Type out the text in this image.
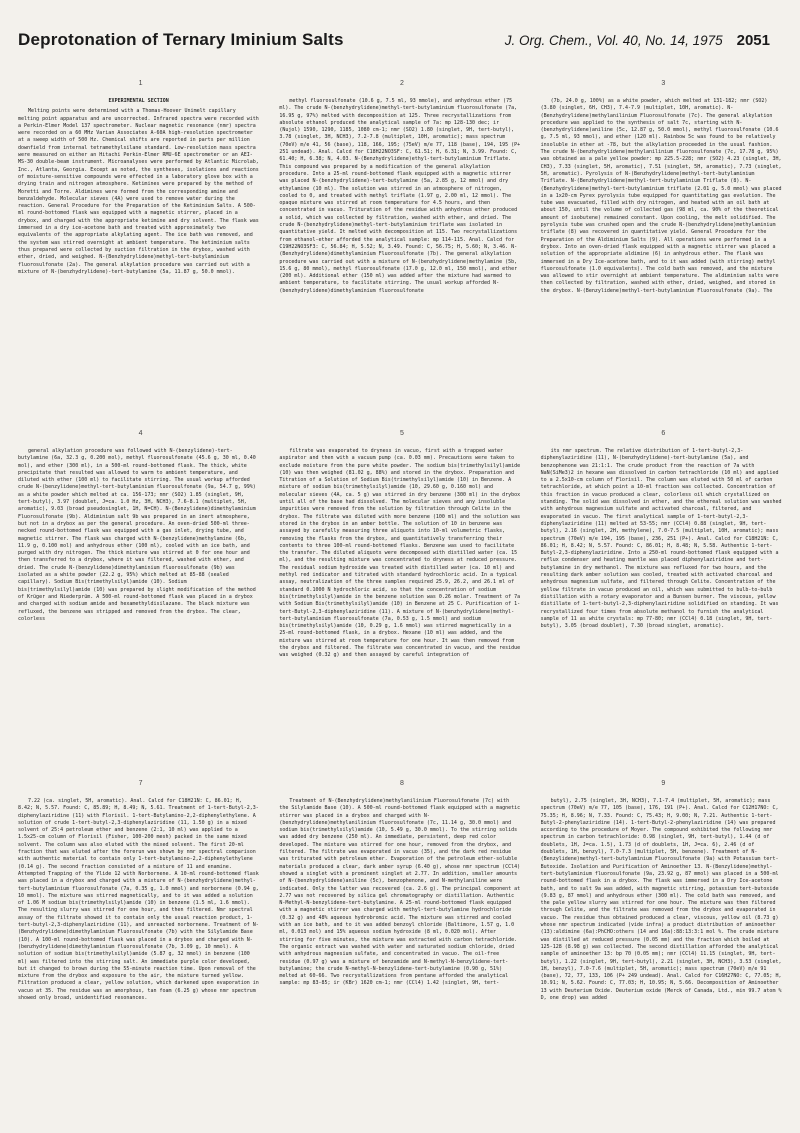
Deprotonation of Ternary Iminium Salts	J. Org. Chem., Vol. 40, No. 14, 1975 2051
1
EXPERIMENTAL SECTION
Melting points were determined with a Thomas-Hoover Unimelt capillary melting point apparatus and are uncorrected. Infrared spectra were recorded with a Perkin-Elmer Model 137 spectrometer. Nuclear magnetic resonance (nmr) spectra were recorded on a 60 MHz Varian Associates A-60A high-resolution spectrometer at a sweep width of 500 Hz. Chemical shifts are reported in parts per million downfield from internal tetramethylsilane standard. Low-resolution mass spectra were measured on either an Hitachi Perkin-Elmer RMU-6E spectrometer or an AEI-MS-30 double-beam instrument. Microanalyses were performed by Atlantic Microlab, Inc., Atlanta, Georgia. Except as noted, the syntheses, isolations and reactions of moisture-sensitive compounds were effected in a laboratory glove box with a drying train and nitrogen atmosphere. Ketimines were prepared by the method of Moretti and Torre. Aldimines were formed from the corresponding amine and benzaldehyde. Molecular sieves (4A) were used to remove water during the reaction. General Procedure for the Preparation of the Ketiminium Salts. A 500-ml round-bottomed flask was equipped with a magnetic stirrer, placed in a drybox, and charged with the appropriate ketimine and dry solvent. The flask was immersed in a dry ice-acetone bath and treated with approximately two equivalents of the appropriate alkylating agent. The ice bath was removed, and the system was stirred overnight at ambient temperature. The ketiminium salts thus prepared were collected by suction filtration in the drybox, washed with ether, dried, and weighed. N-(Benzhydrylidene)methyl-tert-butylaminium fluorosulfonate (2a). The general alkylation procedure was carried out with a mixture of N-(benzhydrylidene)-tert-butylamine (5a, 11.87 g, 50.0 mmol).
2
methyl fluorosulfonate (10.6 g, 7.5 ml, 93 mmole), and anhydrous ether (75 ml). The crude N-(benzhydrylidene)methyl-tert-butylaminium fluorosulfonate (7a, 16.95 g, 97%) melted with decomposition at 125. Three recrystallizations from absolute ethanol produced the analytical sample of 7a: mp 128-130 dec; ir (Nujol) 1590, 1290, 1185, 1080 cm-1; nmr (SO2) 1.80 (singlet, 9H, tert-butyl), 3.78 (singlet, 3H, NCH3), 7.2-7.8 (multiplet, 10H, aromatic); mass spectrum (70eV) m/e 41, 56 (base), 118, 166, 195; (75eV) m/e 77, 118 (base), 194, 195 (P+ 251 undead). Anal. Calcd for C18H22NO3SF: C, 61.51; H, 6.31; N, 3.99. Found: C, 61.40; H, 6.38; N, 4.03. N-(Benzhydrylidene)ethyl-tert-butylaminium Triflate. This compound was prepared by a modification of the general alkylation procedure. Into a 25-ml round-bottomed flask equipped with a magnetic stirrer was placed N-(benzhydrylidene)-tert-butylamine (5a, 2.85 g, 12 mmol) and dry ethylamine (10 ml). The solution was stirred in an atmosphere of nitrogen, cooled to 0, and treated with methyl triflate (1.97 g, 2.00 ml, 12 mmol). The opaque mixture was stirred at room temperature for 4.5 hours, and then concentrated in vacuo. Trituration of the residue with anhydrous ether produced a solid, which was collected by filtration, washed with ether, and dried. The crude N-(benzhydrylidene)methyl-tert-butylaminium triflate was isolated in quantitative yield. It melted with decomposition at 115. Two recrystallizations from ethanol-ether afforded the analytical sample: mp 114-115. Anal. Calcd for C19H22NO3SF3: C, 56.84; H, 5.52; N, 3.49. Found: C, 56.75; H, 5.60; N, 3.46. N-(Benzhydrylidene)dimethylaminium Fluorosulfonate (7b). The general alkylation procedure was carried out with a mixture of N-(benzhydrylidene)methylamine (5b, 15.6 g, 80 mmol), methyl fluorosulfonate (17.0 g, 12.0 ml, 150 mmol), and ether (200 ml). Additional ether (150 ml) was added after the mixture had warmed to ambient temperature, to facilitate stirring. The usual workup afforded N-(benzhydrylidene)dimethylaminium fluorosulfonate
3
(7b, 24.0 g, 100%) as a white powder, which melted at 131-182; nmr (SO2) (3.80 (singlet, 6H, CH3), 7.4-7.9 (multiplet, 10H, aromatic). N-(Benzhydrylidene)methylanilinium Fluorosulfonate (7c). The general alkylation procedure was applied to the synthesis of salt 7c, starting with N-(benzhydrylidene)aniline (5c, 12.87 g, 50.0 mmol), methyl fluorosulfonate (10.6 g, 7.5 ml, 93 mmol), and ether (120 ml). Rainbow 5c was found to be relatively insoluble in ether at -78, but the alkylation proceeded in the usual fashion. The crude N-(benzhydrylidene)methylanilinium fluorosulfonate (7c, 17.78 g, 95%) was obtained as a pale yellow powder: mp 225.5-228; nmr (SO2) 4.23 (singlet, 3H, CH3), 7.33 (singlet, 5H, aromatic), 7.51 (singlet, 5H, aromatic), 7.73 (singlet, 5H, aromatic). Pyrolysis of N-(Benzhydrylidene)methyl-tert-butylaminium Triflate. N-(Benzhydrylidene)methyl-tert-butylaminium Triflate (8). N-(Benzhydrylidene)methyl-tert-butylaminium triflate (2.01 g, 5.0 mmol) was placed in a 1x20-cm Pyrex pyrolysis tube equipped for quantitating gas evolution. The tube was evacuated, filled with dry nitrogen, and heated with an oil bath at about 150, until the volume of collected gas (98 ml, ca. 90% of the theoretical amount of isobutene) remained constant. Upon cooling, the melt solidified. The pyrolysis tube was crushed open and the crude N-(benzhydrylidene)methylaminium triflate (8) was recovered in quantitative yield. General Procedure for the Preparation of the Aldiminium Salts (9). All operations were performed in a drybox. Into an oven-dried flask equipped with a magnetic stirrer was placed a solution of the appropriate aldimine (6) in anhydrous ether. The flask was immersed in a Dry Ice-acetone bath, and to it was added (with stirring) methyl fluorosulfonate (1.0 equivalents). The cold bath was removed, and the mixture was allowed to stir overnight at ambient temperature. The aldiminium salts were then collected by filtration, washed with ether, dried, weighed, and stored in the drybox. N-(Benzylidene)methyl-tert-butylaminium Fluorosulfonate (9a). The
4
general alkylation procedure was followed with N-(benzylidene)-tert-butylamine (6a, 32.3 g, 0.200 mol), methyl fluorosulfonate (45.6 g, 30 ml, 0.40 mol), and ether (300 ml), in a 500-ml round-bottomed flask. The thick, white precipitate that resulted was allowed to warm to ambient temperature, and diluted with ether (100 ml) to facilitate stirring. The usual workup afforded crude N-(benzylidene)methyl-tert-butylaminium fluorosulfonate (9a, 54.7 g, 99%) as a white powder which melted at ca. 156-173; nmr (SO2) 1.85 (singlet, 9H, tert-butyl), 3.97 (doublet, J=ca. 1.0 Hz, 3H, NCH3), 7.6-8.1 (multiplet, 5H, aromatic), 9.03 (broad pseudosinglet, 1H, N=CH). N-(Benzylidene)dimethylaminium Fluorosulfonate (9b). Aldiminium salt 9b was prepared in an inert atmosphere, but not in a drybox as per the general procedure. An oven-dried 500-ml three-necked round-bottomed flask was equipped with a gas inlet, drying tube, and magnetic stirrer. The flask was charged with N-(benzylidene)methylamine (6b, 11.9 g, 0.100 mol) and anhydrous ether (100 ml), cooled with an ice bath, and purged with dry nitrogen. The thick mixture was stirred at 0 for one hour and then transferred to a drybox, where it was filtered, washed with ether, and dried. The crude N-(benzylidene)dimethylaminium fluorosulfonate (9b) was isolated as a white powder (22.2 g, 95%) which melted at 85-88 (sealed capillary). Sodium Bis(trimethylsilyl)amide (10). Sodium bis(trimethylsilyl)amide (10) was prepared by slight modification of the method of Krüger and Niederprüm. A 500-ml round-bottomed flask was placed in a drybox and charged with sodium amide and hexamethyldisilazane. The black mixture was refluxed, the benzene was stripped and removed from the drybox. The clear, colorless
5
filtrate was evaporated to dryness in vacuo, first with a trapped water aspirator and then with a vacuum pump (ca. 0.03 mm). Precautions were taken to exclude moisture from the pure white powder. The sodium bis(trimethylsilyl)amide (10) was then weighed (81.02 g, 88%) and stored in the drybox. Preparation and Titration of a Solution of Sodium Bis(trimethylsilyl)amide (10) in Benzene. A mixture of sodium bis(trimethylsilyl)amide (10, 29.60 g, 0.160 mol) and molecular sieves (4A, ca. 5 g) was stirred in dry benzene (300 ml) in the drybox until all of the base had dissolved. The molecular sieves and any insoluble impurities were removed from the solution by filtration through Celite in the drybox. The filtrate was diluted with more benzene (100 ml) and the solution was stored in the drybox in an amber bottle. The solution of 10 in benzene was assayed by carefully measuring three aliquots into 10-ml volumetric flasks, removing the flasks from the drybox, and quantitatively transferring their contents to three 100-ml round-bottomed flasks. Benzene was used to facilitate the transfer. The diluted aliquots were decomposed with distilled water (ca. 15 ml), and the resulting mixture was concentrated to dryness at reduced pressure. The residual sodium hydroxide was treated with distilled water (ca. 10 ml) and methyl red indicator and titrated with standard hydrochloric acid. In a typical assay, neutralization of the three samples required 25.9, 26.2, and 26.1 ml of standard 0.1000 N hydrochloric acid, so that the concentration of sodium bis(trimethylsilyl)amide in the benzene solution was 0.26 molar. Treatment of 7a with Sodium Bis(trimethylsilyl)amide (10) in Benzene at 25 C. Purification of 1-tert-Butyl-2,3-diphenylaziridine (11). A mixture of N-(benzhydrylidene)methyl-tert-butylaminium fluorosulfonate (7a, 0.53 g, 1.5 mmol) and sodium bis(trimethylsilyl)amide (10, 0.29 g, 1.6 mmol) was stirred magnetically in a 25-ml round-bottomed flask, in a drybox. Hexane (10 ml) was added, and the mixture was stirred at room temperature for one hour. It was then removed from the drybox and filtered. The filtrate was concentrated in vacuo, and the residue was weighed (0.32 g) and then assayed by careful integration of
6
its nmr spectrum. The relative distribution of 1-tert-butyl-2,3-diphenylaziridine (11), N-(benzhydrylidene)-tert-butylamine (5a), and benzophenone was 21:1:1. The crude product from the reaction of 7a with NaN(SiMe3)2 in hexane was dissolved in carbon tetrachloride (10 ml) and applied to a 2.5x10-cm column of Florisil. The column was eluted with 50 ml of carbon tetrachloride, at which point a 10-ml fraction was collected. Concentration of this fraction in vacuo produced a clear, colorless oil which crystallized on standing. The solid was dissolved in ether, and the ethereal solution was washed with anhydrous magnesium sulfate and activated charcoal, filtered, and evaporated in vacuo. The first analytical sample of 1-tert-butyl-2,3-diphenylaziridine (11) melted at 53-55; nmr (CCl4) 0.88 (singlet, 9H, tert-butyl), 2.16 (singlet, 2H, methylene), 7.0-7.5 (multiplet, 10H, aromatic); mass spectrum (70eV) m/e 194, 195 (base), 236, 251 (P+). Anal. Calcd for C18H21N: C, 86.01; H, 8.42; N, 5.57. Found: C, 86.01; H, 8.48; N, 5.58. Authentic 1-tert-Butyl-2,3-diphenylaziridine. Into a 250-ml round-bottomed flask equipped with a reflux condenser and heating mantle was placed diphenylaziridine and tert-butylamine in dry methanol. The mixture was refluxed for two hours, and the resulting dark amber solution was cooled, treated with activated charcoal and anhydrous magnesium sulfate, and filtered through Celite. Concentration of the yellow filtrate in vacuo produced an oil, which was submitted to bulb-to-bulb distillation with a rotary evaporator and a Bunsen burner. The viscous, yellow distillate of 1-tert-butyl-2,3-diphenylaziridine solidified on standing. It was recrystallized four times from absolute methanol to furnish the analytical sample of 11 as white crystals: mp 77-80; nmr (CCl4) 0.18 (singlet, 9H, tert-butyl), 3.05 (broad doublet), 7.30 (broad singlet, aromatic).
7
7.22 (ca. singlet, 5H, aromatic). Anal. Calcd for C18H21N: C, 86.01; H, 8.42; N, 5.57. Found: C, 85.89; H, 8.49; N, 5.61. Treatment of 1-tert-Butyl-2,3-diphenylaziridine (11) with Florisil. 1-tert-Butylamino-2,2-diphenylethylene. A solution of crude 1-tert-butyl-2,3-diphenylaziridine (11, 1.50 g) in a mixed solvent of 25:4 petroleum ether and benzene (2:1, 10 ml) was applied to a 1.5x25-cm column of Florisil (Fisher, 100-200 mesh) packed in the same mixed solvent. The column was also eluted with the mixed solvent. The first 20-ml fraction that was eluted after the forerun was shown by nmr spectral comparison with authentic material to contain only 1-tert-butylamino-2,2-diphenylethylene (0.14 g). The second fraction consisted of a mixture of 11 and enamine. Attempted Trapping of the Ylide 12 with Norbornene. A 10-ml round-bottomed flask was placed in a drybox and charged with a mixture of N-(benzhydrylidene)methyl-tert-butylaminium fluorosulfonate (7a, 0.35 g, 1.0 mmol) and norbornene (0.94 g, 10 mmol). The mixture was stirred magnetically, and to it was added a solution of 1.06 M sodium bis(trimethylsilyl)amide (10) in benzene (1.5 ml, 1.6 mmol). The resulting slurry was stirred for one hour, and then filtered. Nmr spectral assay of the filtrate showed it to contain only the usual reaction product, 1-tert-butyl-2,3-diphenylaziridine (11), and unreacted norbornene. Treatment of N-(Benzhydrylidene)dimethylaminium Fluorosulfonate (7b) with the Silylamide Base (10). A 100-ml round-bottomed flask was placed in a drybox and charged with N-(benzhydrylidene)dimethylaminium fluorosulfonate (7b, 3.09 g, 10 mmol). A solution of sodium bis(trimethylsilyl)amide (5.87 g, 32 mmol) in benzene (100 ml) was filtered into the stirring salt. An immediate purple color developed, but it changed to brown during the 55-minute reaction time. Upon removal of the mixture from the drybox and exposure to the air, the mixture turned yellow. Filtration produced a clear, yellow solution, which darkened upon evaporation in vacuo at 35. The residue was an amorphous, tan foam (6.25 g) whose nmr spectrum showed only broad, unidentified resonances.
8
Treatment of N-(Benzhydrylidene)methylanilinium Fluorosulfonate (7c) with the Silylamide Base (10). A 500-ml round-bottomed flask equipped with a magnetic stirrer was placed in a drybox and charged with N-(benzhydrylidene)methylanilinium fluorosulfonate (7c, 11.14 g, 30.0 mmol) and sodium bis(trimethylsilyl)amide (10, 5.49 g, 30.0 mmol). To the stirring solids was added dry benzene (250 ml). An immediate, persistent, deep red color developed. The mixture was stirred for one hour, removed from the drybox, and filtered. The filtrate was evaporated in vacuo (35), and the dark red residue was triturated with petroleum ether. Evaporation of the petroleum ether-soluble materials produced a clear, dark amber syrup (6.40 g), whose nmr spectrum (CCl4) showed a singlet with a prominent singlet at 2.77. In addition, smaller amounts of N-(benzhydrylidene)aniline (5c), benzophenone, and N-methylaniline were indicated. Only the latter was recovered (ca. 2.6 g). The principal component at 2.77 was not recovered by silica gel chromatography or distillation. Authentic N-Methyl-N-benzylidene-tert-butylamine. A 25-ml round-bottomed flask equipped with a magnetic stirrer was charged with methyl-tert-butylamine hydrochloride (0.32 g) and 48% aqueous hydrobromic acid. The mixture was stirred and cooled with an ice bath, and to it was added benzoyl chloride (Baltimore, 1.57 g, 1.0 ml, 0.013 mol) and 15% aqueous sodium hydroxide (8 ml, 0.020 mol). After stirring for five minutes, the mixture was extracted with carbon tetrachloride. The organic extract was washed with water and saturated sodium chloride, dried with anhydrous magnesium sulfate, and concentrated in vacuo. The oil-free residue (0.97 g) was a mixture of benzamide and N-methyl-N-benzylidene-tert-butylamine; the crude N-methyl-N-benzylidene-tert-butylamine (0.90 g, 51%) melted at 60-66. Two recrystallizations from pentane afforded the analytical sample: mp 83-85; ir (KBr) 1620 cm-1; nmr (CCl4) 1.42 (singlet, 9H, tert-
9
butyl), 2.75 (singlet, 3H, NCH3), 7.1-7.4 (multiplet, 5H, aromatic); mass spectrum (70eV) m/e 77, 105 (base), 176, 191 (P+). Anal. Calcd for C12H17NO: C, 75.35; H, 8.96; N, 7.33. Found: C, 75.43; H, 9.00; N, 7.21. Authentic 1-tert-Butyl-2-phenylaziridine (14). 1-tert-Butyl-2-phenylaziridine (14) was prepared according to the procedure of Moyer. The compound exhibited the following nmr spectrum in carbon tetrachloride: 0.98 (singlet, 9H, tert-butyl), 1.44 (d of doublets, 1H, J=ca. 1.5), 1.73 (d of doublets, 1H, J=ca. 6), 2.46 (d of doublets, 1H, benzyl), 7.0-7.3 (multiplet, 5H, benzene). Treatment of N-(Benzylidene)methyl-tert-butylaminium Fluorosulfonate (9a) with Potassium tert-Butoxide. Isolation and Purification of Aminoether 13. N-(Benzylidene)methyl-tert-butylaminium fluorosulfonate (9a, 23.92 g, 87 mmol) was placed in a 500-ml round-bottomed flask in a drybox. The flask was immersed in a Dry Ice-acetone bath, and to salt 9a was added, with magnetic stirring, potassium tert-butoxide (9.83 g, 87 mmol) and anhydrous ether (300 ml). The cold bath was removed, and the pale yellow slurry was stirred for one hour. The mixture was then filtered through Celite, and the filtrate was removed from the drybox and evaporated in vacuo. The residue thus obtained produced a clear, viscous, yellow oil (8.73 g) whose nmr spectrum indicated (vide infra) a product distribution of aminoether (13):aldimine (6a):PhCHO:others (14 and 16a):88:13:3:1 mol %. The crude mixture was distilled at reduced pressure (0.05 mm) and the fraction which boiled at 125-128 (8.98 g) was collected. The second distillation afforded the analytical sample of aminoether 13: bp 70 (0.05 mm); nmr (CCl4) 11.15 (singlet, 9H, tert-butyl), 1.22 (singlet, 9H, tert-butyl), 2.21 (singlet, 3H, NCH3), 3.53 (singlet, 1H, benzyl), 7.0-7.6 (multiplet, 5H, aromatic); mass spectrum (70eV) m/e 91 (base), 72, 77, 133, 106 (P+ 249 undead). Anal. Calcd for C16H27NO: C, 77.05; H, 10.91; N, 5.62. Found: C, 77.03; H, 10.95; N, 5.66. Decomposition of Aminoether 13 with Deuterium Oxide. Deuterium oxide (Merck of Canada, Ltd., min 99.7 atom % D, one drop) was added
